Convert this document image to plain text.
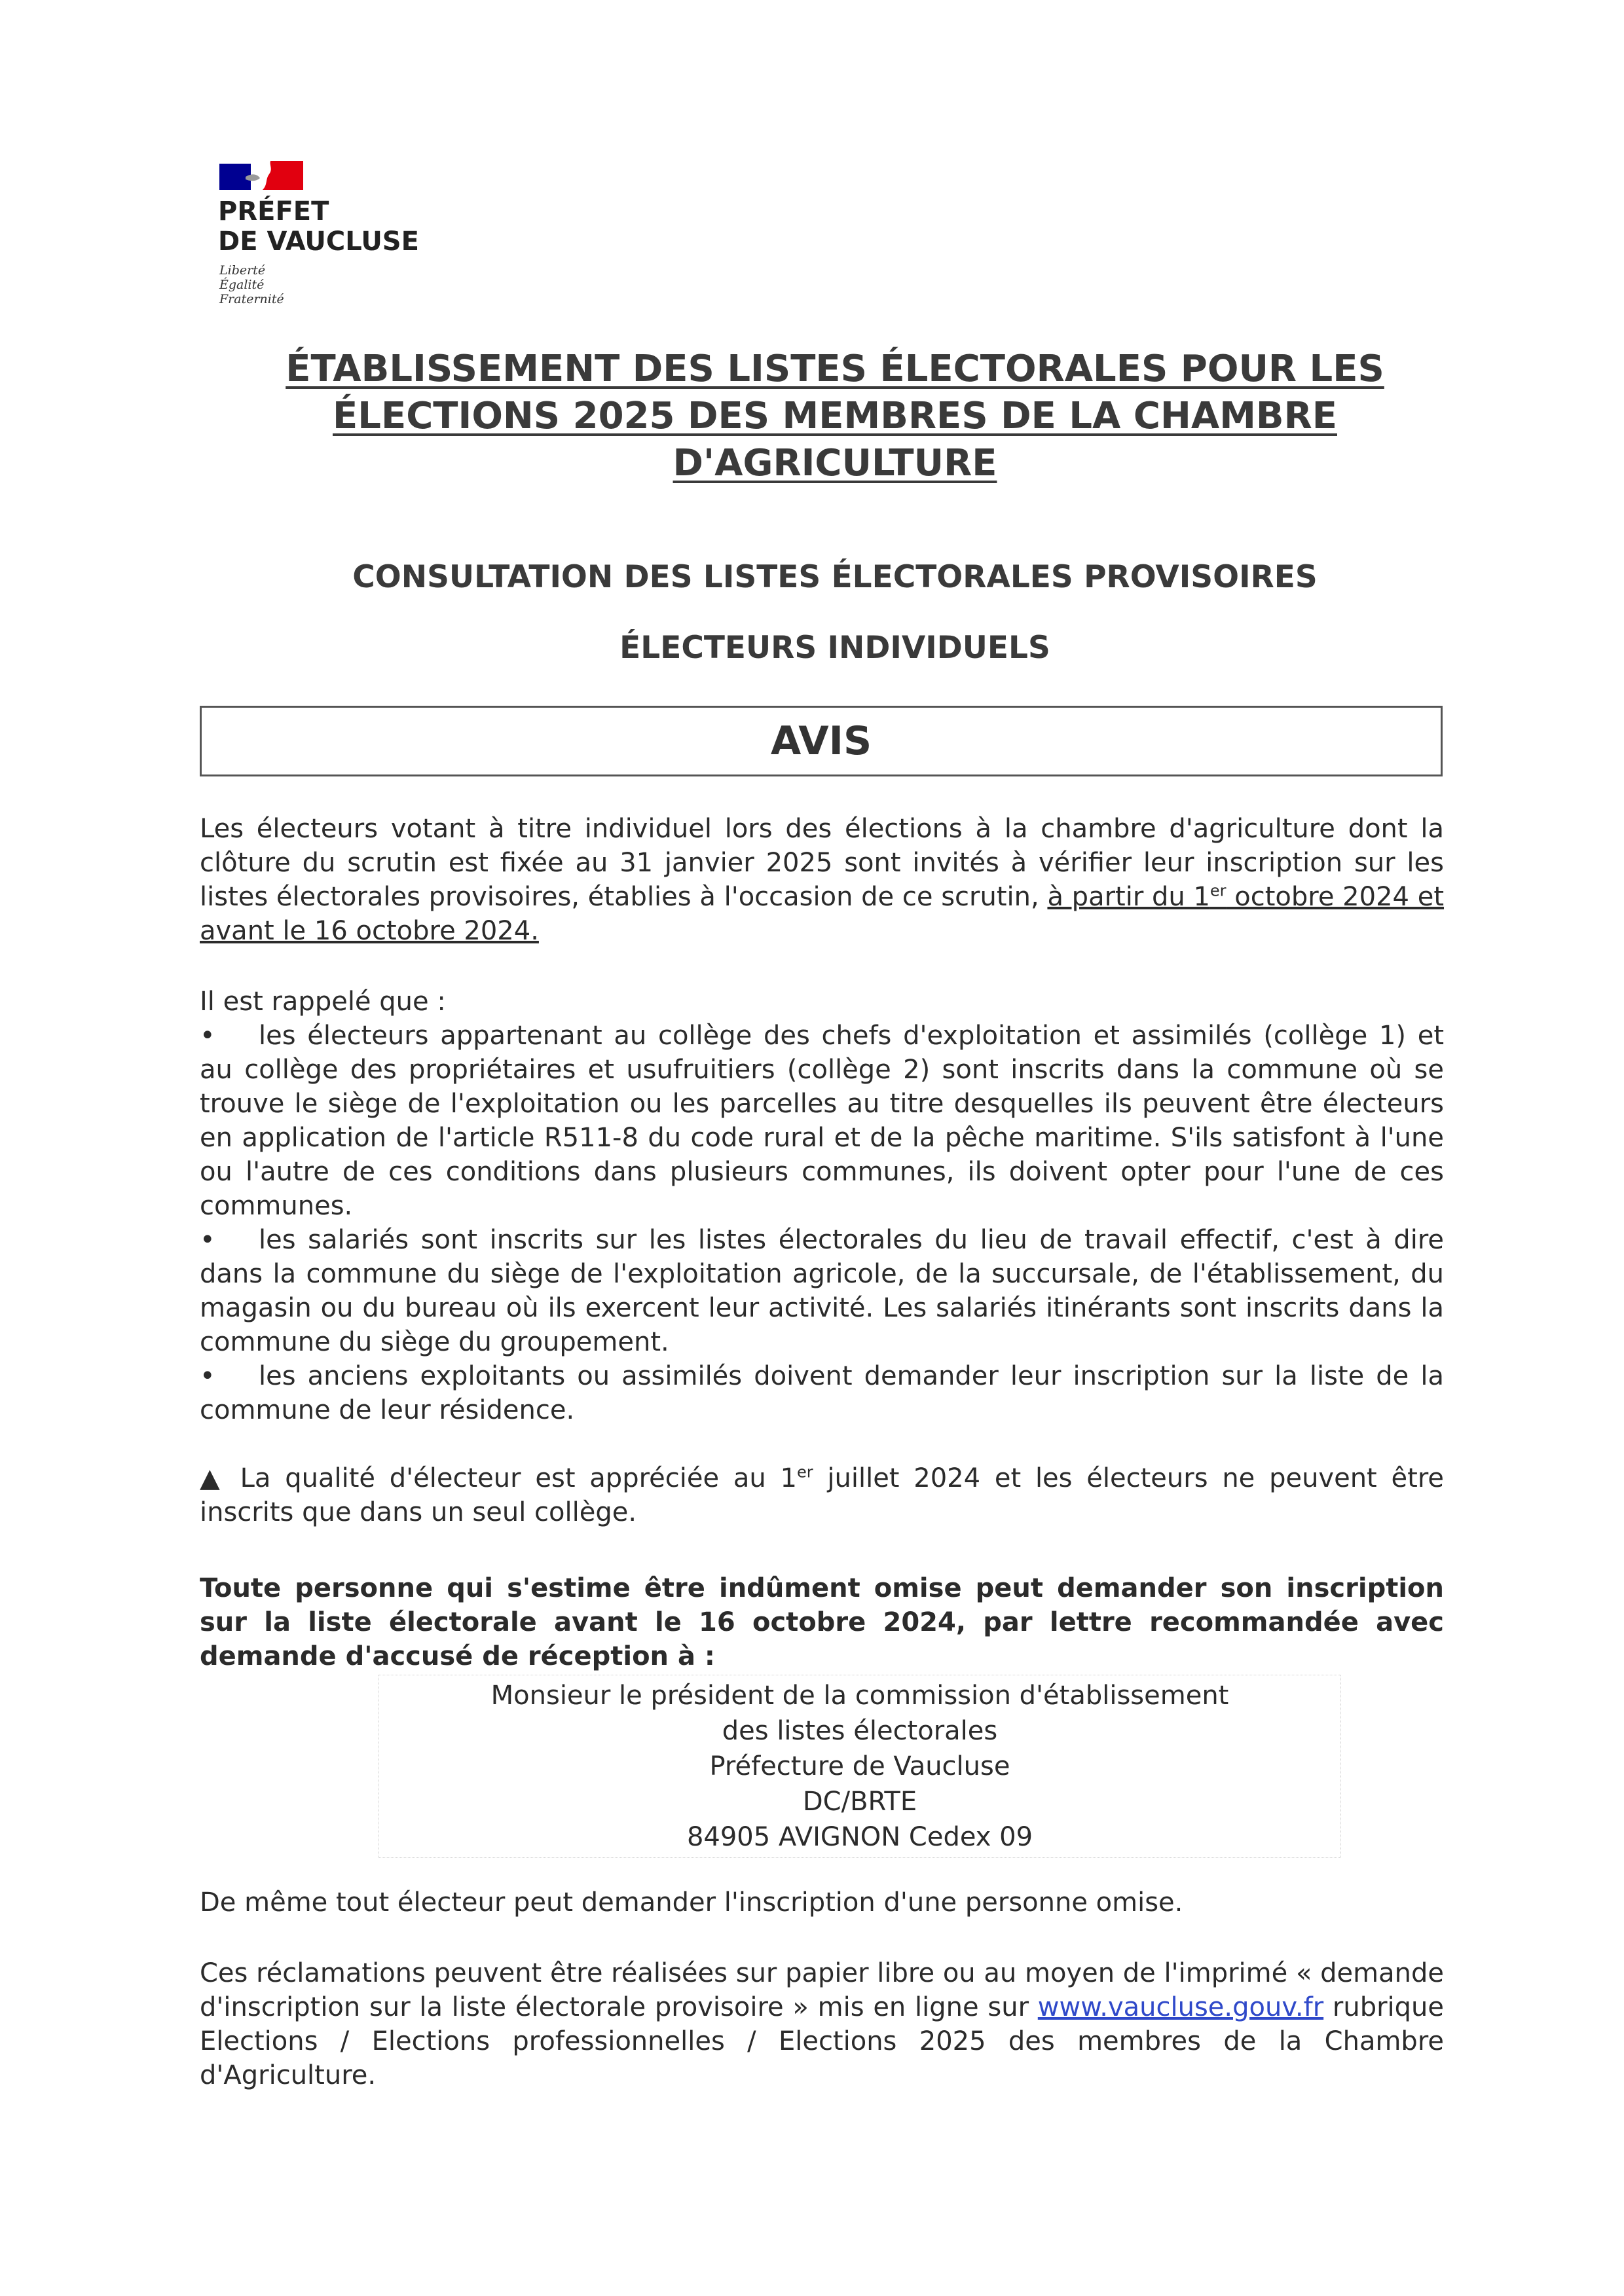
PRÉFET
DE VAUCLUSE
Liberté
Égalité
Fraternité
ÉTABLISSEMENT DES LISTES ÉLECTORALES POUR LES
ÉLECTIONS 2025 DES MEMBRES DE LA CHAMBRE
D'AGRICULTURE
CONSULTATION DES LISTES ÉLECTORALES PROVISOIRES
ÉLECTEURS INDIVIDUELS
AVIS
Les électeurs votant à titre individuel lors des élections à la chambre d'agriculture dont la clôture du scrutin est fixée au 31 janvier 2025 sont invités à vérifier leur inscription sur les listes électorales provisoires, établies à l'occasion de ce scrutin, à partir du 1er octobre 2024 et avant le 16 octobre 2024.
Il est rappelé que :
• les électeurs appartenant au collège des chefs d'exploitation et assimilés (collège 1) et au collège des propriétaires et usufruitiers (collège 2) sont inscrits dans la commune où se trouve le siège de l'exploitation ou les parcelles au titre desquelles ils peuvent être électeurs en application de l'article R511-8 du code rural et de la pêche maritime. S'ils satisfont à l'une ou l'autre de ces conditions dans plusieurs communes, ils doivent opter pour l'une de ces communes.
• les salariés sont inscrits sur les listes électorales du lieu de travail effectif, c'est à dire dans la commune du siège de l'exploitation agricole, de la succursale, de l'établissement, du magasin ou du bureau où ils exercent leur activité. Les salariés itinérants sont inscrits dans la commune du siège du groupement.
• les anciens exploitants ou assimilés doivent demander leur inscription sur la liste de la commune de leur résidence.
▲ La qualité d'électeur est appréciée au 1er juillet 2024 et les électeurs ne peuvent être inscrits que dans un seul collège.
Toute personne qui s'estime être indûment omise peut demander son inscription sur la liste électorale avant le 16 octobre 2024, par lettre recommandée avec demande d'accusé de réception à :
Monsieur le président de la commission d'établissement
des listes électorales
Préfecture de Vaucluse
DC/BRTE
84905 AVIGNON Cedex 09
De même tout électeur peut demander l'inscription d'une personne omise.
Ces réclamations peuvent être réalisées sur papier libre ou au moyen de l'imprimé « demande d'inscription sur la liste électorale provisoire » mis en ligne sur www.vaucluse.gouv.fr rubrique Elections / Elections professionnelles / Elections 2025 des membres de la Chambre d'Agriculture.
